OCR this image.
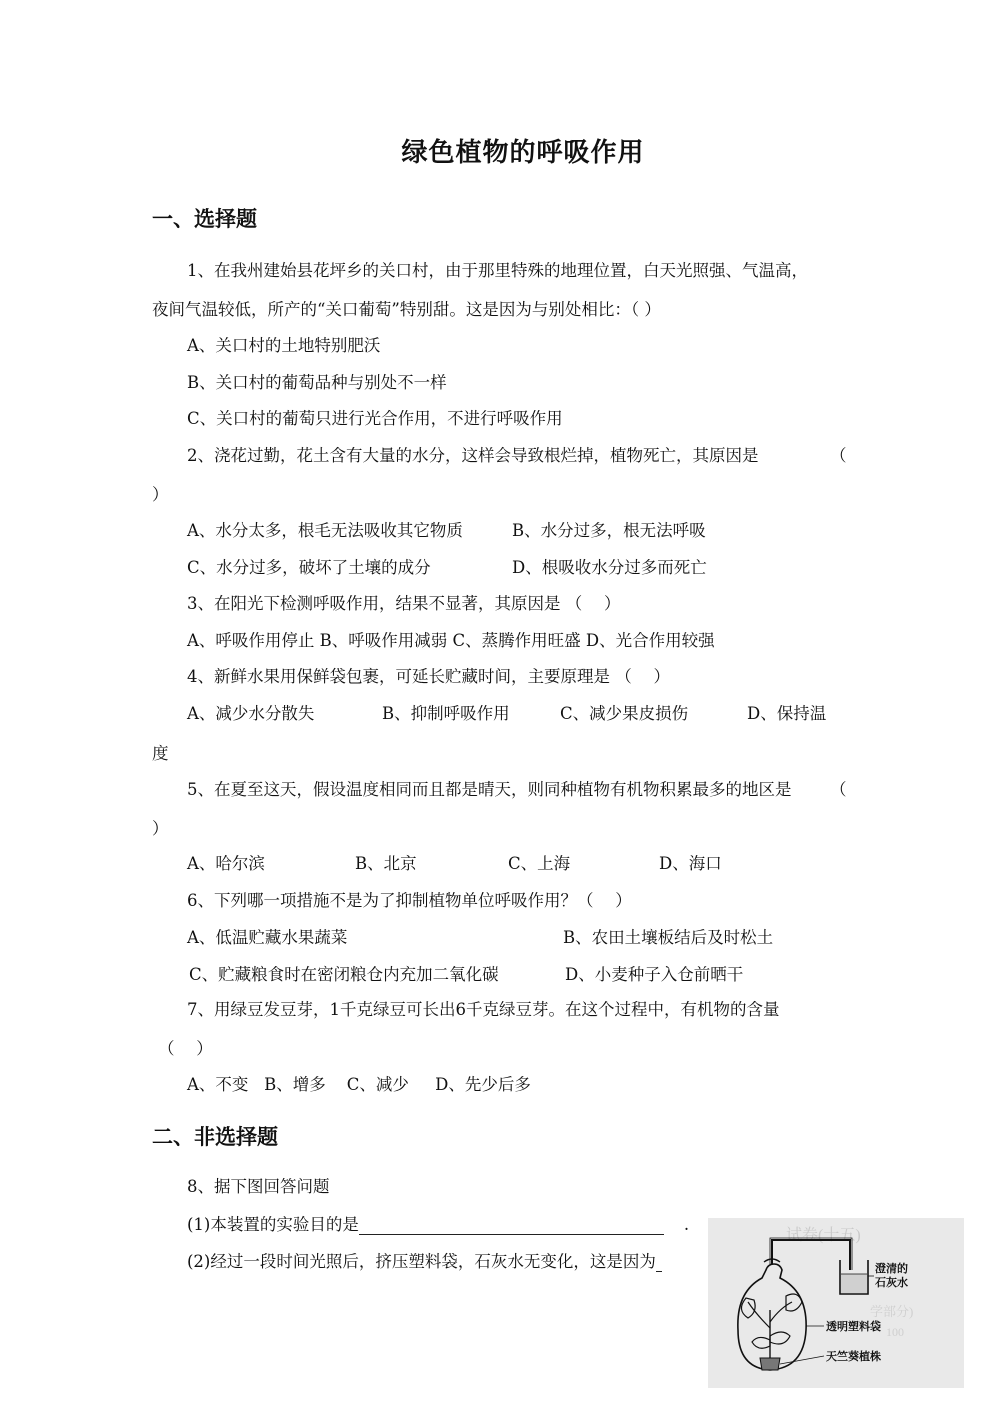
绿色植物的呼吸作用
一、选择题
1、在我州建始县花坪乡的关口村，由于那里特殊的地理位置，白天光照强、气温高，
夜间气温较低，所产的“关口葡萄”特别甜。这是因为与别处相比：（ ）
A、关口村的土地特别肥沃
B、关口村的葡萄品种与别处不一样
C、关口村的葡萄只进行光合作用，不进行呼吸作用
2、浇花过勤，花土含有大量的水分，这样会导致根烂掉，植物死亡，其原因是	（
）
A、水分太多，根毛无法吸收其它物质	B、水分过多，根无法呼吸
C、水分过多，破坏了土壤的成分	D、根吸收水分过多而死亡
3、在阳光下检测呼吸作用，结果不显著，其原因是 （　 ）
A、呼吸作用停止 B、呼吸作用减弱 C、蒸腾作用旺盛 D、光合作用较强
4、新鲜水果用保鲜袋包裹，可延长贮藏时间，主要原理是 （　 ）
A、减少水分散失	B、抑制呼吸作用	C、减少果皮损伤	D、保持温
度
5、在夏至这天，假设温度相同而且都是晴天，则同种植物有机物积累最多的地区是 （
）
A、哈尔滨	B、北京	C、上海	D、海口
6、下列哪一项措施不是为了抑制植物单位呼吸作用？（　 ）
A、低温贮藏水果蔬菜	B、农田土壤板结后及时松土
C、贮藏粮食时在密闭粮仓内充加二氧化碳	D、小麦种子入仓前晒干
7、用绿豆发豆芽，1千克绿豆可长出6千克绿豆芽。在这个过程中，有机物的含量
（　 ）
A、不变   B、增多    C、减少     D、先少后多
二、非选择题
8、据下图回答问题
(1)本装置的实验目的是	.
(2)经过一段时间光照后，挤压塑料袋，石灰水无变化，这是因为
试卷(十五)
学部分)
100
澄清的
石灰水
透明塑料袋
天竺葵植株
